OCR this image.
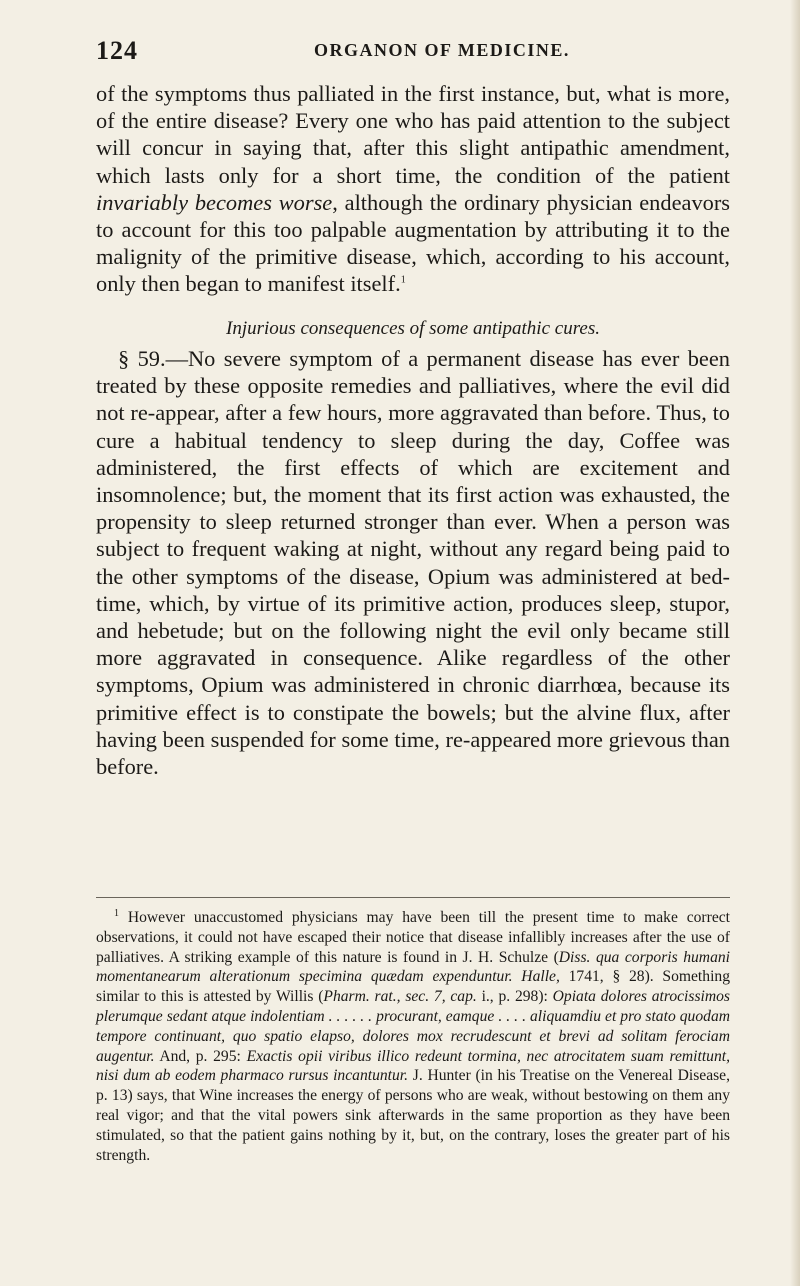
124	ORGANON OF MEDICINE.

of the symptoms thus palliated in the first instance, but, what is more, of the entire disease? Every one who has paid attention to the subject will concur in saying that, after this slight antipathic amendment, which lasts only for a short time, the condition of the patient invariably becomes worse, although the ordinary physician endeavors to account for this too palpable augmentation by attributing it to the malignity of the primitive disease, which, according to his account, only then began to manifest itself.$^1$

Injurious consequences of some antipathic cures.

§ 59.—No severe symptom of a permanent disease has ever been treated by these opposite remedies and palliatives, where the evil did not re-appear, after a few hours, more aggravated than before. Thus, to cure a habitual tendency to sleep during the day, Coffee was administered, the first effects of which are excitement and insomnolence; but, the moment that its first action was exhausted, the propensity to sleep returned stronger than ever. When a person was subject to frequent waking at night, without any regard being paid to the other symptoms of the disease, Opium was administered at bed-time, which, by virtue of its primitive action, produces sleep, stupor, and hebetude; but on the following night the evil only became still more aggravated in consequence. Alike regardless of the other symptoms, Opium was administered in chronic diarrhœa, because its primitive effect is to constipate the bowels; but the alvine flux, after having been suspended for some time, re-appeared more grievous than before.

$^1$ However unaccustomed physicians may have been till the present time to make correct observations, it could not have escaped their notice that disease infallibly increases after the use of palliatives. A striking example of this nature is found in J. H. Schulze (Diss. qua corporis humani momentanearum alterationum specimina quædam expenduntur. Halle, 1741, § 28). Something similar to this is attested by Willis (Pharm. rat., sec. 7, cap. i., p. 298): Opiata dolores atrocissimos plerumque sedant atque indolentiam . . . . . . procurant, eamque . . . . aliquamdiu et pro stato quodam tempore continuant, quo spatio elapso, dolores mox recrudescunt et brevi ad solitam ferociam augentur. And, p. 295: Exactis opii viribus illico redeunt tormina, nec atrocitatem suam remittunt, nisi dum ab eodem pharmaco rursus incantuntur. J. Hunter (in his Treatise on the Venereal Disease, p. 13) says, that Wine increases the energy of persons who are weak, without bestowing on them any real vigor; and that the vital powers sink afterwards in the same proportion as they have been stimulated, so that the patient gains nothing by it, but, on the contrary, loses the greater part of his strength.
